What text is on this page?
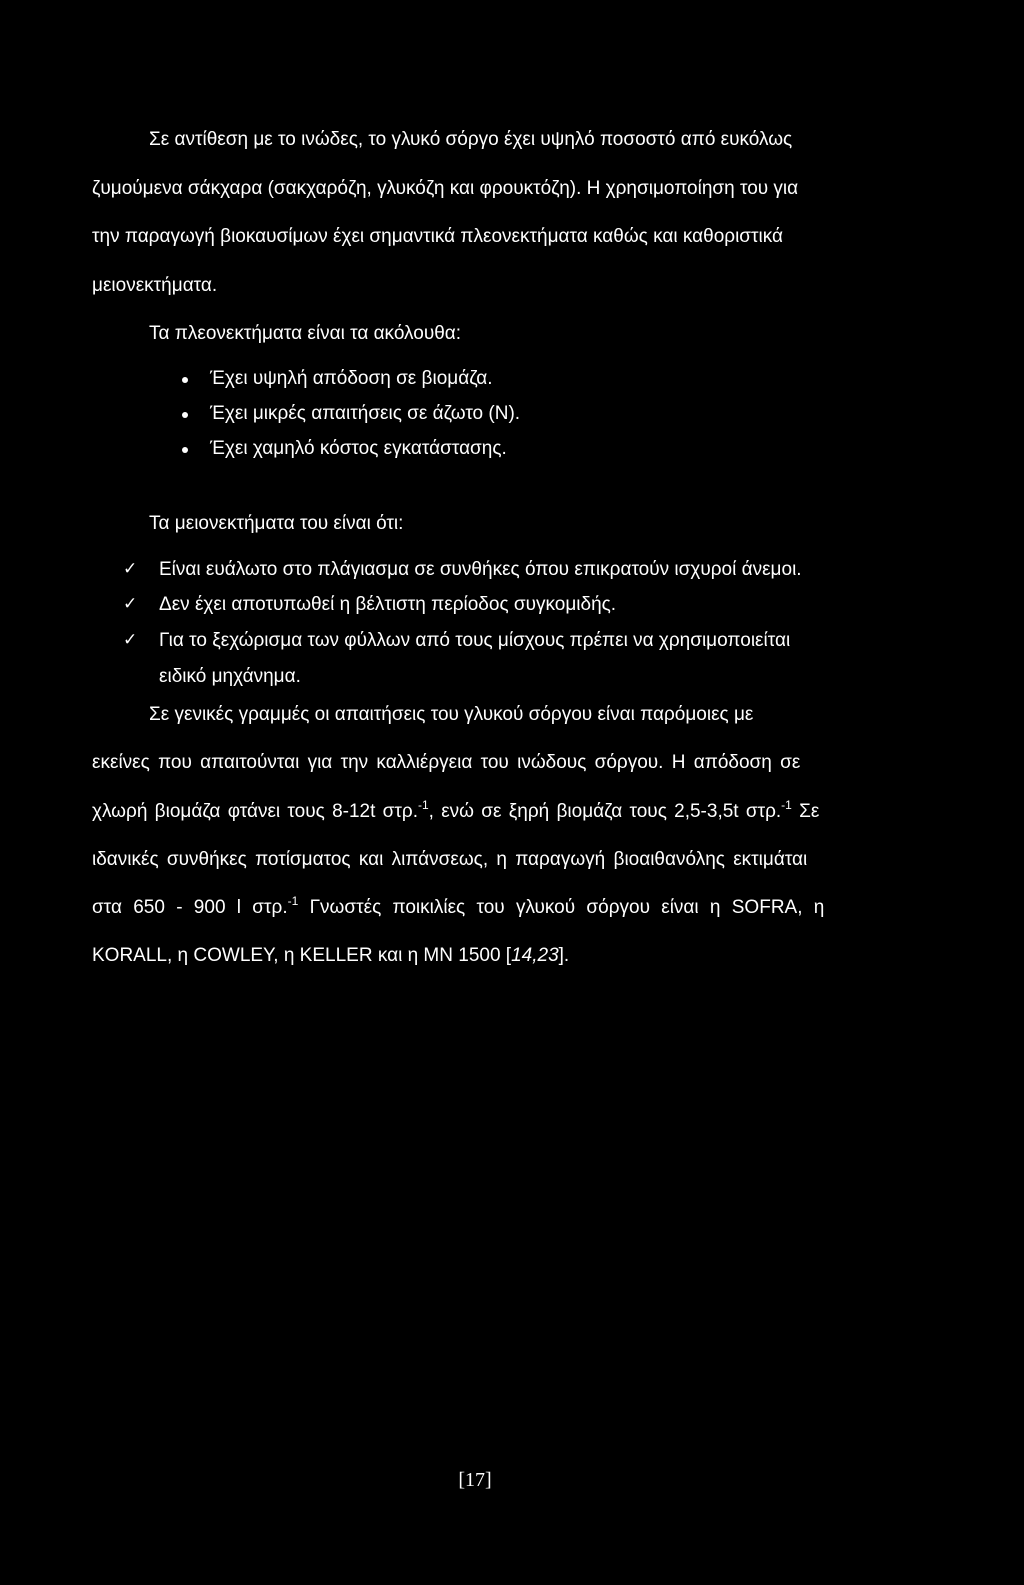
Σε αντίθεση με το ινώδες, το γλυκό σόργο έχει υψηλό ποσοστό από ευκόλως
ζυμούμενα σάκχαρα (σακχαρόζη, γλυκόζη και φρουκτόζη). Η χρησιμοποίηση του για
την παραγωγή βιοκαυσίμων έχει σημαντικά πλεονεκτήματα καθώς και καθοριστικά
μειονεκτήματα.
Τα πλεονεκτήματα είναι τα ακόλουθα:
Έχει υψηλή απόδοση σε βιομάζα.
Έχει μικρές απαιτήσεις σε άζωτο (Ν).
Έχει χαμηλό κόστος εγκατάστασης.
Τα μειονεκτήματα του είναι ότι:
✓ Είναι ευάλωτο στο πλάγιασμα σε συνθήκες όπου επικρατούν ισχυροί άνεμοι.
✓ Δεν έχει αποτυπωθεί η βέλτιστη περίοδος συγκομιδής.
✓ Για το ξεχώρισμα των φύλλων από τους μίσχους πρέπει να χρησιμοποιείται
ειδικό μηχάνημα.
Σε γενικές γραμμές οι απαιτήσεις του γλυκού σόργου είναι παρόμοιες με
εκείνες που απαιτούνται για την καλλιέργεια του ινώδους σόργου. Η απόδοση σε
χλωρή βιομάζα φτάνει τους 8-12t στρ.$^{-1}$, ενώ σε ξηρή βιομάζα τους 2,5-3,5t στρ.$^{-1}$ Σε
ιδανικές συνθήκες ποτίσματος και λιπάνσεως, η παραγωγή βιοαιθανόλης εκτιμάται
στα 650 - 900 l στρ.$^{-1}$ Γνωστές ποικιλίες του γλυκού σόργου είναι η SOFRA, η
KORALL, η COWLEY, η KELLER και η MN 1500 [14,23].
[17]
